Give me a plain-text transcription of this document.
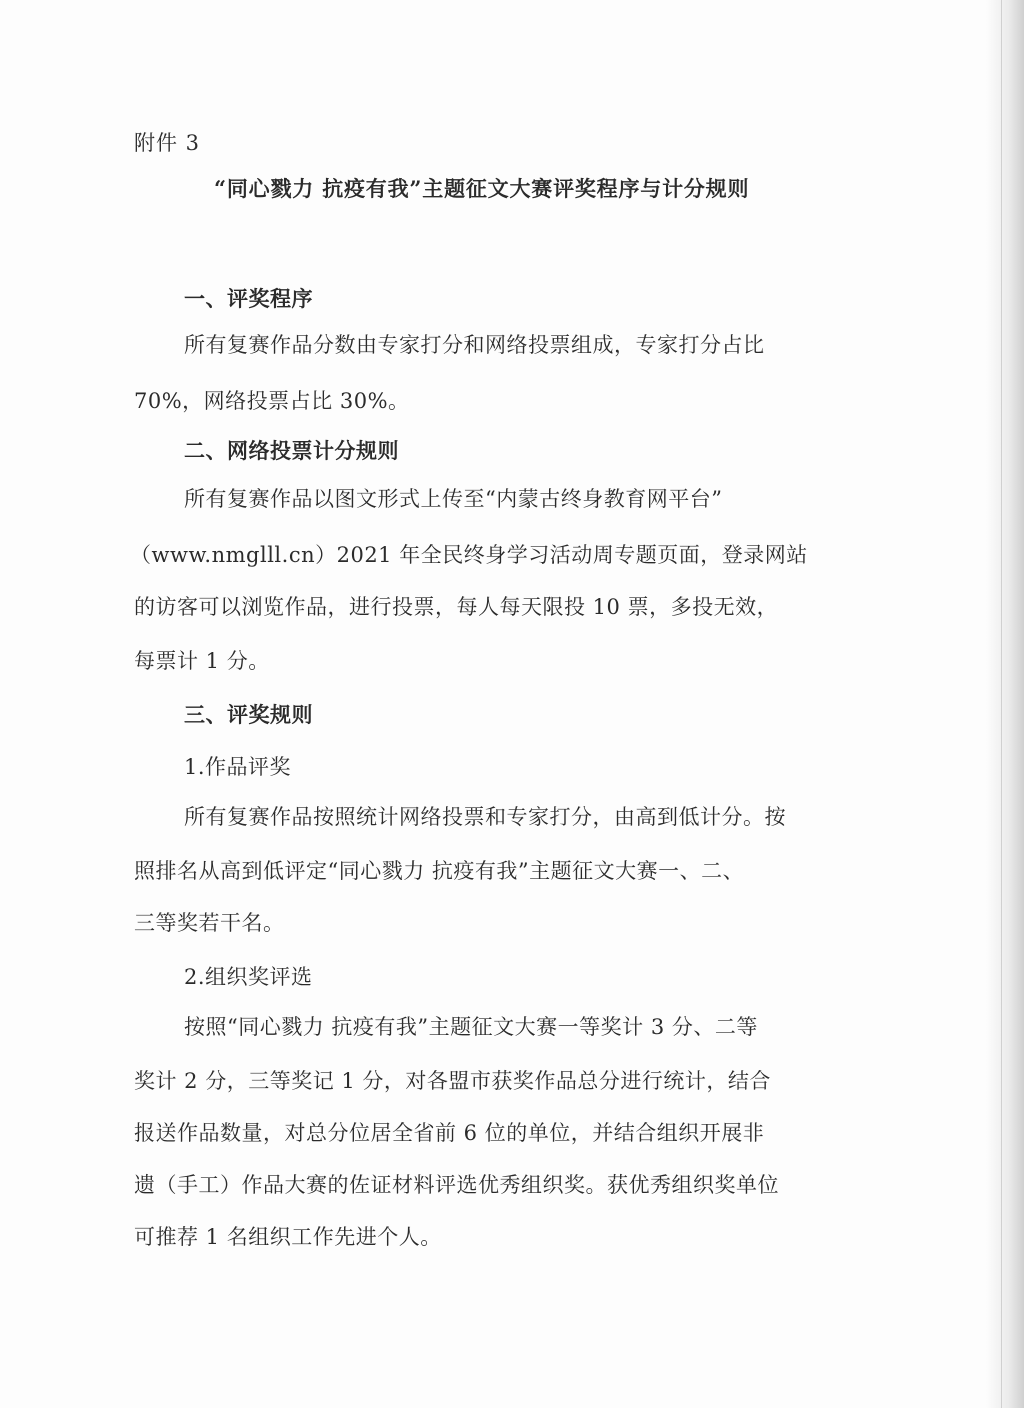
附件 3
“同心戮力 抗疫有我”主题征文大赛评奖程序与计分规则
一、评奖程序
所有复赛作品分数由专家打分和网络投票组成，专家打分占比
70%，网络投票占比 30%。
二、网络投票计分规则
所有复赛作品以图文形式上传至“内蒙古终身教育网平台”
（www.nmglll.cn）2021 年全民终身学习活动周专题页面，登录网站
的访客可以浏览作品，进行投票，每人每天限投 10 票，多投无效，
每票计 1 分。
三、评奖规则
1.作品评奖
所有复赛作品按照统计网络投票和专家打分，由高到低计分。按
照排名从高到低评定“同心戮力 抗疫有我”主题征文大赛一、二、
三等奖若干名。
2.组织奖评选
按照“同心戮力 抗疫有我”主题征文大赛一等奖计 3 分、二等
奖计 2 分，三等奖记 1 分，对各盟市获奖作品总分进行统计，结合
报送作品数量，对总分位居全省前 6 位的单位，并结合组织开展非
遗（手工）作品大赛的佐证材料评选优秀组织奖。获优秀组织奖单位
可推荐 1 名组织工作先进个人。
